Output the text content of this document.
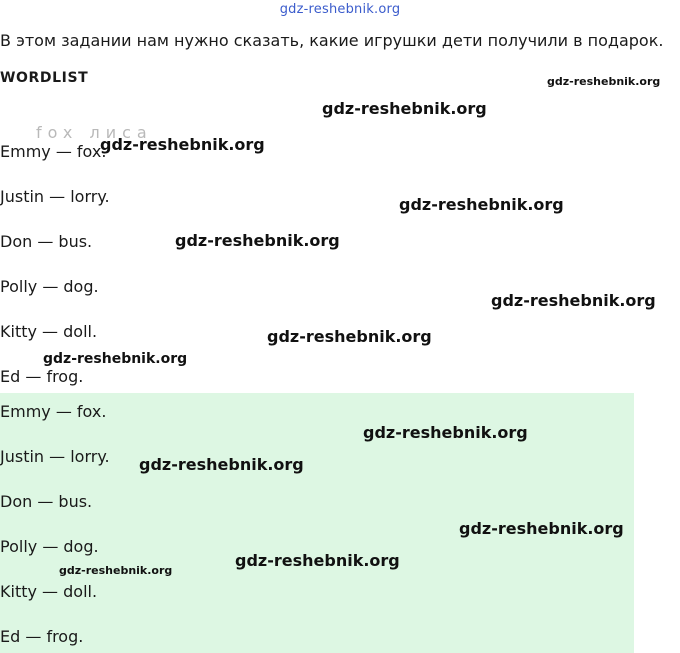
gdz-reshebnik.org
В этом задании нам нужно сказать, какие игрушки дети получили в подарок.
WORDLIST
fox лиса
Emmy — fox.
Justin — lorry.
Don — bus.
Polly — dog.
Kitty — doll.
Ed — frog.
Emmy — fox.
Justin — lorry.
Don — bus.
Polly — dog.
Kitty — doll.
Ed — frog.
gdz-reshebnik.org
gdz-reshebnik.org
gdz-reshebnik.org
gdz-reshebnik.org
gdz-reshebnik.org
gdz-reshebnik.org
gdz-reshebnik.org
gdz-reshebnik.org
gdz-reshebnik.org
gdz-reshebnik.org
gdz-reshebnik.org
gdz-reshebnik.org
gdz-reshebnik.org
